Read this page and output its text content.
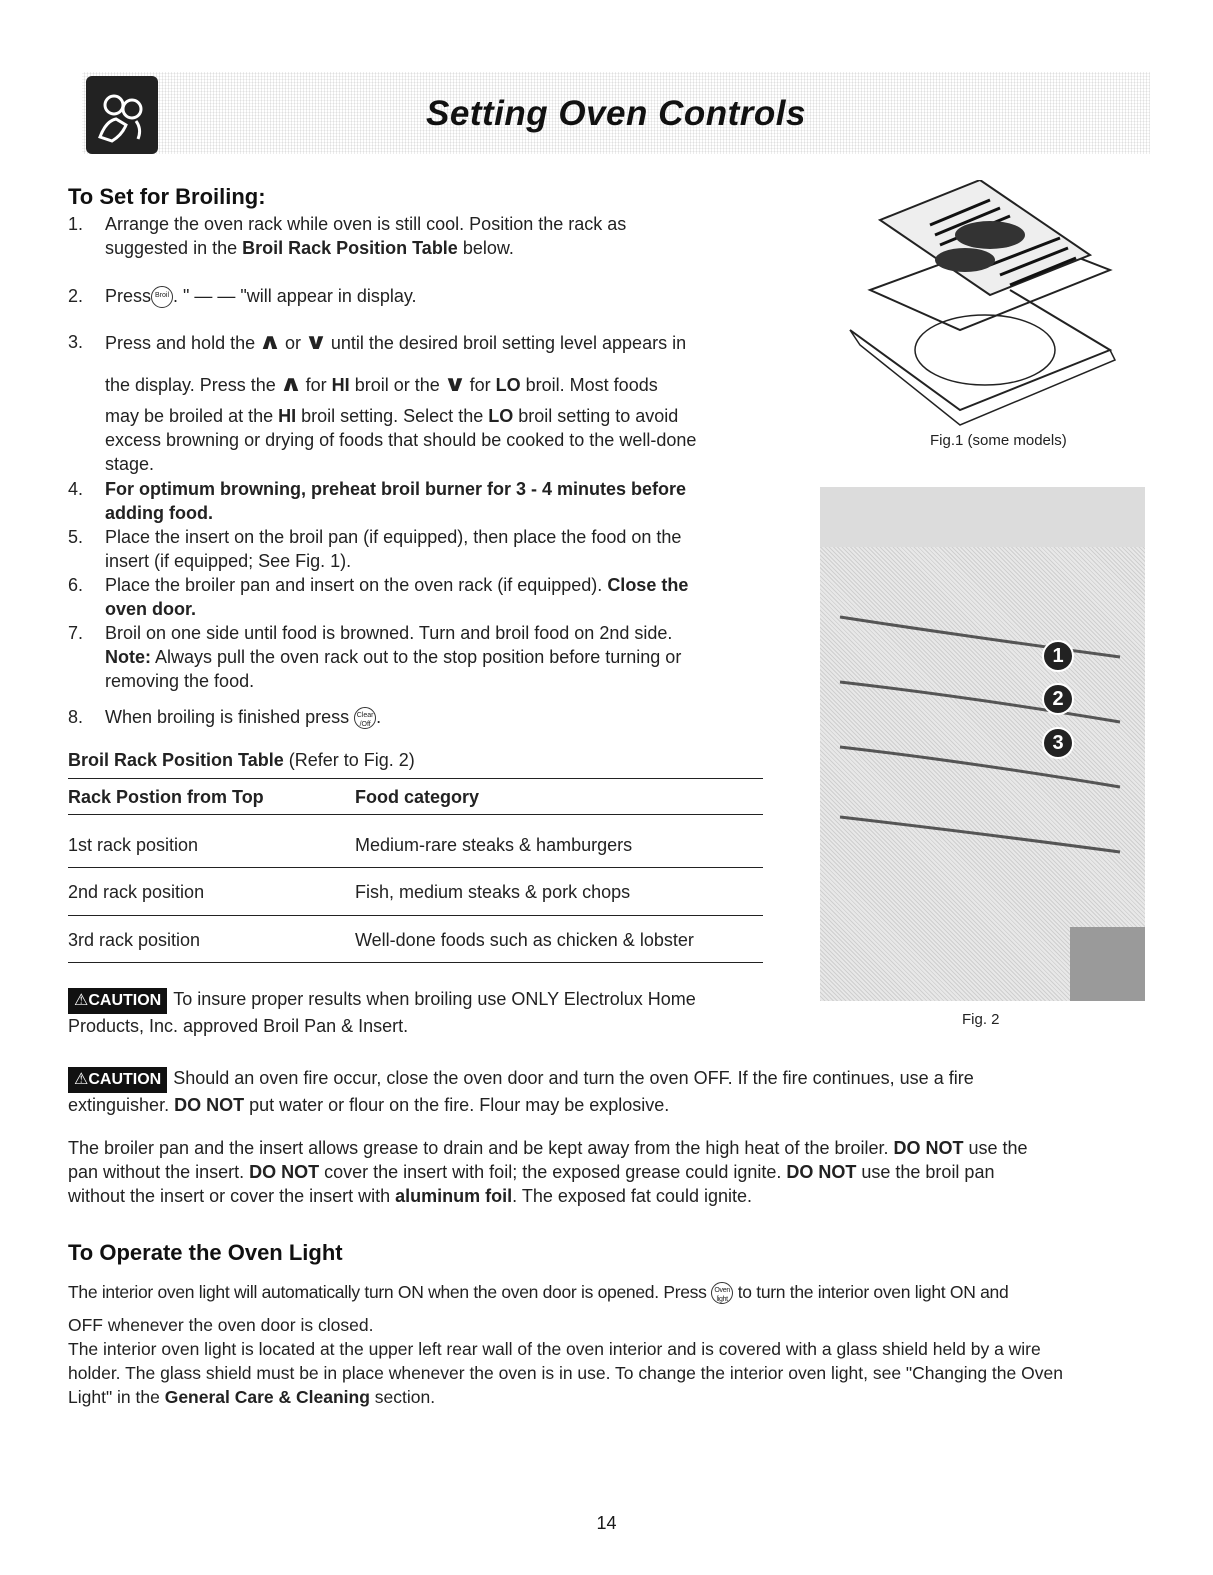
Setting Oven Controls
To Set for Broiling:
1. Arrange the oven rack while oven is still cool. Position the rack as
suggested in the Broil Rack Position Table below.
2. Press Broil . " — — "will appear in display.
3. Press and hold the ∧ or ∨ until the desired broil setting level appears in
the display. Press the ∧ for HI broil or the ∨ for LO broil. Most foods
may be broiled at the HI broil setting. Select the LO broil setting to avoid
excess browning or drying of foods that should be cooked to the well-done
stage.
4. For optimum browning, preheat broil burner for 3 - 4 minutes before
adding food.
5. Place the insert on the broil pan (if equipped), then place the food on the
insert (if equipped; See Fig. 1).
6. Place the broiler pan and insert on the oven rack (if equipped). Close the
oven door.
7. Broil on one side until food is browned. Turn and broil food on 2nd side.
Note: Always pull the oven rack out to the stop position before turning or
removing the food.
8. When broiling is finished press Clear
/Off .
Broil Rack Position Table (Refer to Fig. 2)
Rack Postion from Top	Food category
1st rack position	Medium-rare steaks & hamburgers
2nd rack position	Fish, medium steaks & pork chops
3rd rack position	Well-done foods such as chicken & lobster
⚠CAUTION To insure proper results when broiling use ONLY Electrolux Home
Products, Inc. approved Broil Pan & Insert.
Fig.1 (some models)
1
2
3
Fig. 2
⚠CAUTION Should an oven fire occur, close the oven door and turn the oven OFF. If the fire continues, use a fire
extinguisher. DO NOT put water or flour on the fire. Flour may be explosive.
The broiler pan and the insert allows grease to drain and be kept away from the high heat of the broiler. DO NOT use the
pan without the insert. DO NOT cover the insert with foil; the exposed grease could ignite. DO NOT use the broil pan
without the insert or cover the insert with aluminum foil. The exposed fat could ignite.
To Operate the Oven Light
The interior oven light will automatically turn ON when the oven door is opened. Press Oven
light to turn the interior oven light ON and
OFF whenever the oven door is closed.
The interior oven light is located at the upper left rear wall of the oven interior and is covered with a glass shield held by a wire
holder. The glass shield must be in place whenever the oven is in use. To change the interior oven light, see "Changing the Oven
Light" in the General Care & Cleaning section.
14
